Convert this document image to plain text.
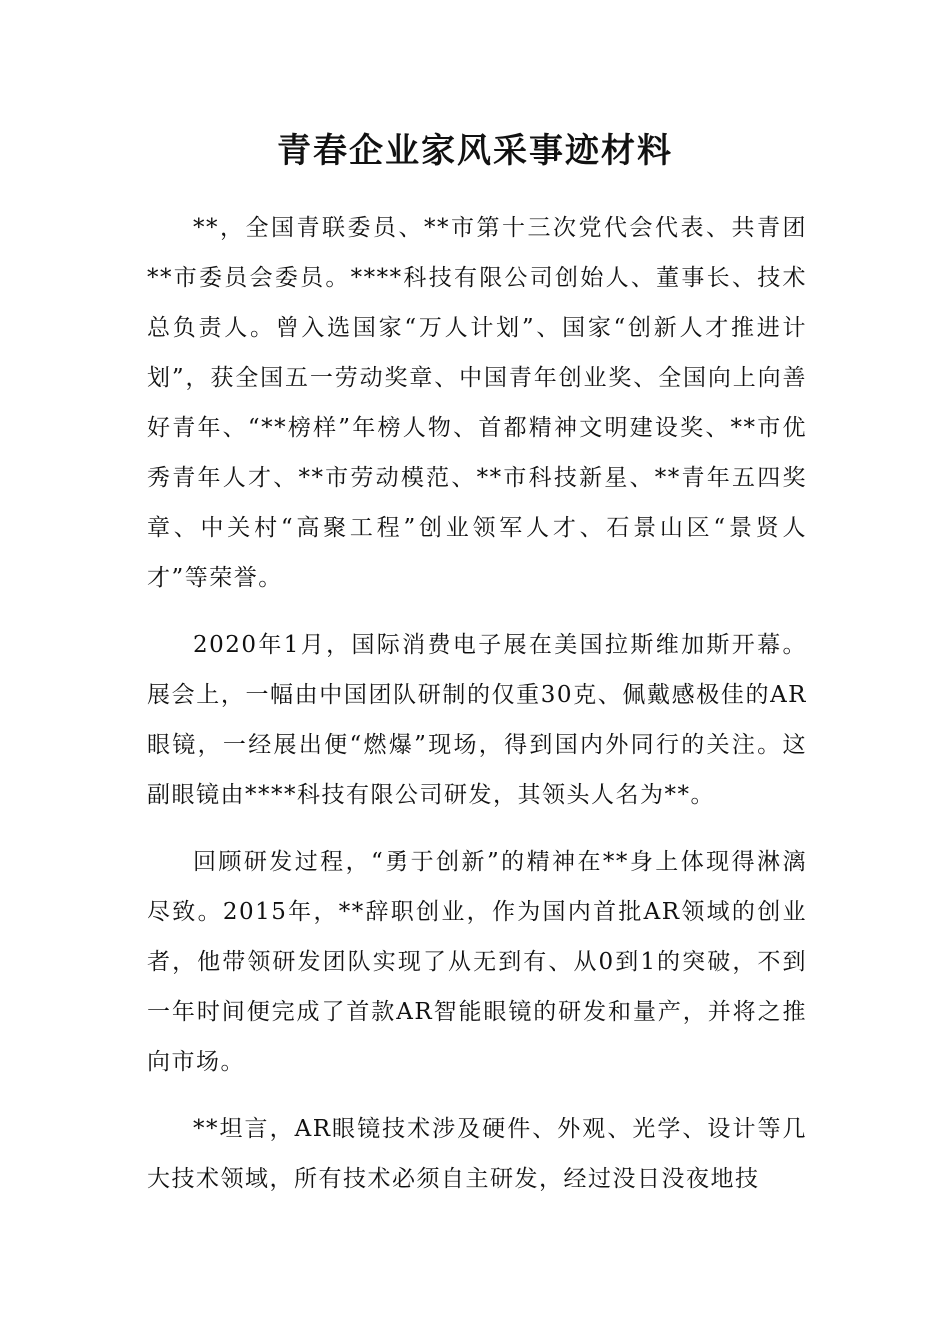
青春企业家风采事迹材料

**，全国青联委员、**市第十三次党代会代表、共青团**市委员会委员。****科技有限公司创始人、董事长、技术总负责人。曾入选国家“万人计划”、国家“创新人才推进计划”，获全国五一劳动奖章、中国青年创业奖、全国向上向善好青年、“**榜样”年榜人物、首都精神文明建设奖、**市优秀青年人才、**市劳动模范、**市科技新星、**青年五四奖章、中关村“高聚工程”创业领军人才、石景山区“景贤人才”等荣誉。

2020年1月，国际消费电子展在美国拉斯维加斯开幕。展会上，一幅由中国团队研制的仅重30克、佩戴感极佳的AR眼镜，一经展出便“燃爆”现场，得到国内外同行的关注。这副眼镜由****科技有限公司研发，其领头人名为**。

回顾研发过程，“勇于创新”的精神在**身上体现得淋漓尽致。2015年，**辞职创业，作为国内首批AR领域的创业者，他带领研发团队实现了从无到有、从0到1的突破，不到一年时间便完成了首款AR智能眼镜的研发和量产，并将之推向市场。

**坦言，AR眼镜技术涉及硬件、外观、光学、设计等几大技术领域，所有技术必须自主研发，经过没日没夜地技
